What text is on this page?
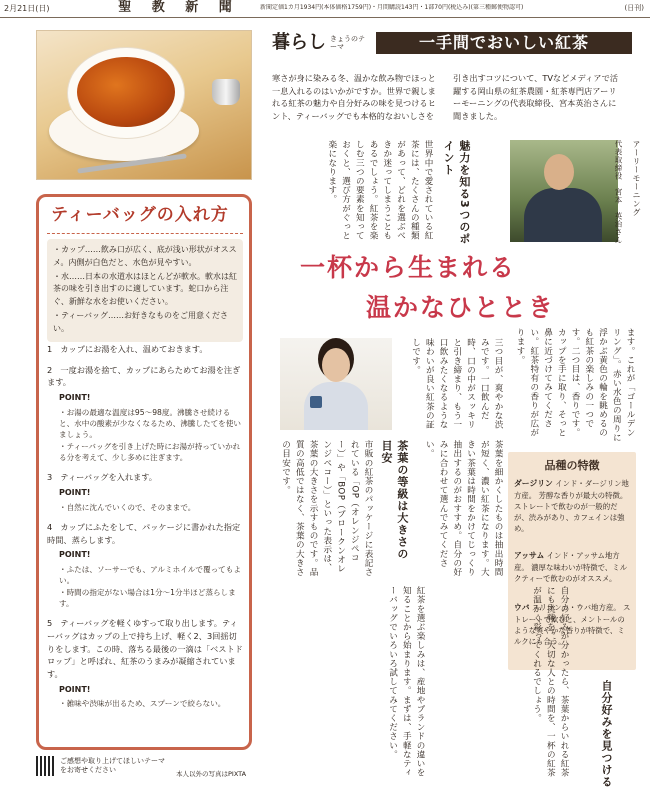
2月21日(日)	聖 教 新 聞	新聞定価1カ月1934円(本体価格1759円)・月間購読143円・1部70円(税込み)(第三種郵便物認可)	(日刊)
ティーバッグの入れ方

・カップ……飲み口が広く、底が浅い形状がオススメ。内側が白色だと、水色が見やすい。

・水……日本の水道水はほとんどが軟水。軟水は紅茶の味を引き出すのに適しています。蛇口から注ぐ、新鮮な水をお使いください。

・ティーバッグ……お好きなものをご用意ください。

1　 カップにお湯を入れ、温めておきます。
2　 一度お湯を捨て、カップにあらためてお湯を注ぎます。
POINT!
・お湯の最適な温度は95〜98度。沸騰させ続けると、水中の酸素が少なくなるため、沸騰したてを使いましょう。
・ティーバッグを引き上げた時にお湯が持っていかれる分を考えて、少し多めに注ぎます。
3　 ティーバッグを入れます。
POINT!
・自然に沈んでいくので、そのままで。
4　 カップにふたをして、パッケージに書かれた指定時間、蒸らします。
POINT!
・ふたは、ソーサーでも、アルミホイルで覆ってもよい。
・時間の指定がない場合は1分〜1分半ほど蒸らします。
5　 ティーバッグを軽くゆすって取り出します。ティーバッグはカップの上で持ち上げ、軽く2、3回揺切りをします。この時、落ちる最後の一滴は「ベストドロップ」と呼ばれ、紅茶のうまみが凝縮されています。
POINT!
・雑味や渋味が出るため、スプーンで絞らない。
ご感想や取り上げてほしいテーマをお寄せください	本人以外の写真はPIXTA
暮らし きょうのテーマ	一手間でおいしい紅茶
寒さが身に染みる冬、温かな飲み物でほっと一息入れるのはいかがですか。世界で親しまれる紅茶の魅力や自分好みの味を見つけるヒント、ティーバッグでも本格的なおいしさを引き出すコツについて、TVなどメディアで活躍する岡山県の紅茶農園・紅茶専門店アーリーモーニングの代表取締役、宮本英治さんに聞きました。
アーリーモーニング
代表取締役　宮本　英治さん
魅力を知る3つのポイント
世界中で愛されている紅茶には、たくさんの種類があって、どれを選ぶべきか迷ってしまうこともあるでしょう。紅茶を楽しむ三つの要素を知っておくと、選び方がぐっと楽になります。
一杯から生まれる
温かなひととき
ます。これが「ゴールデンリング」。赤い水色の周りに浮かぶ黄色の輪を眺めるのも紅茶の楽しみの一つです。二つ目は、香りです。カップを手に取り、そっと鼻に近づけてみてください。紅茶特有の香りが広がります。
三つ目が、爽やかな渋みです。一口飲んだ時、口の中がスッキリと引き締まり、もう一口飲みたくなるような味わいが良い紅茶の証しです。
茶葉の等級は大きさの目安
市販の紅茶のパッケージに表記されている「OP（オレンジペコー）」や「BOP（ブロークンオレンジペコー）」といった表示は、茶葉の大きさを示すものです。品質の高低ではなく、茶葉の大きさの目安です。	茶葉を細かくしたものは抽出時間が短く、濃い紅茶になります。大きい茶葉は時間をかけてじっくり抽出するのがおすすめ。自分の好みに合わせて選んでみてください。
品種の特徴
ダージリン インド・ダージリン地方産。 芳醇な香りが最大の特徴。ストレートで飲むのが一般的だが、渋みがあり、カフェインは強め。
アッサム インド・アッサム地方産。 濃厚な味わいが特徴で、ミルクティーで飲むのがオススメ。
ウバ スリランカ・ウバ地方産。 ストレートで飲むと、メントールのような爽やかな香りが特徴で、ミルクにも合う。
紅茶を選ぶ楽しみは、産地やブランドの違いを知ることから始まります。まずは、手軽なティーバッグでいろいろ試してみてください。	自分の好みが分かったら、茶葉からいれる紅茶にも挑戦を。大切な人との時間を、一杯の紅茶が温かく彩ってくれるでしょう。
自分好みを見つける
